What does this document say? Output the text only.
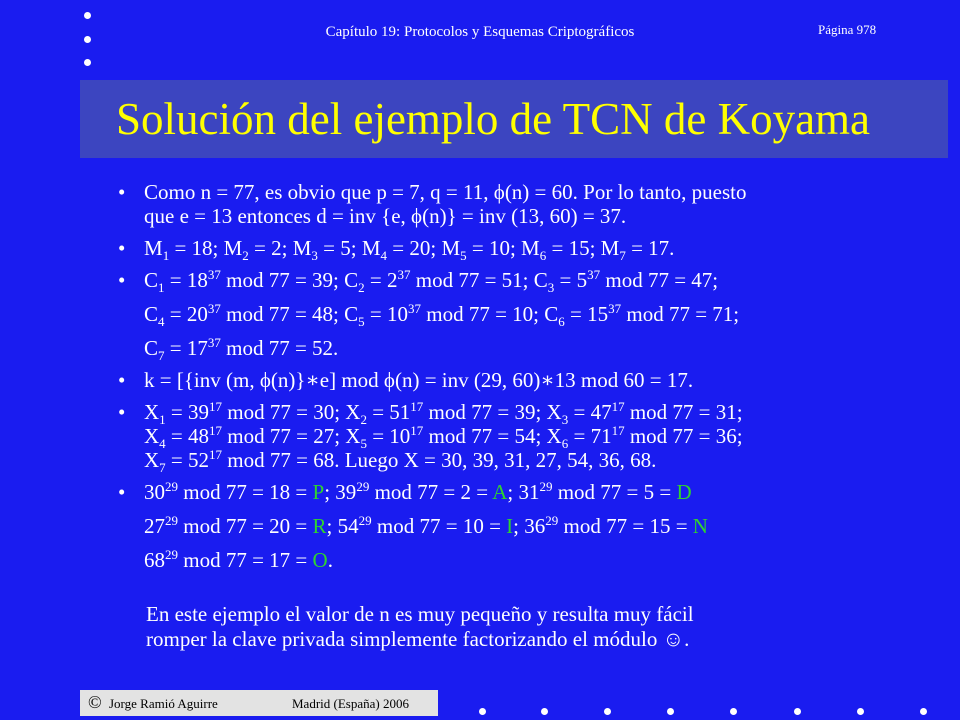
Capítulo 19: Protocolos y Esquemas Criptográficos	Página 978
Solución del ejemplo de TCN de Koyama
• Como n = 77, es obvio que p = 7, q = 11, ϕ(n) = 60. Por lo tanto, puesto
que e = 13 entonces d = inv {e, ϕ(n)} = inv (13, 60) = 37.
• $M_1 = 18$; $M_2 = 2$; $M_3 = 5$; $M_4 = 20$; $M_5 = 10$; $M_6 = 15$; $M_7 = 17$.
• $C_1 = 18^{37}$ mod 77 = 39; $C_2 = 2^{37}$ mod 77 = 51; $C_3 = 5^{37}$ mod 77 = 47;
$C_4 = 20^{37}$ mod 77 = 48; $C_5 = 10^{37}$ mod 77 = 10; $C_6 = 15^{37}$ mod 77 = 71;
$C_7 = 17^{37}$ mod 77 = 52.
• k = [{inv (m, ϕ(n)}∗e] mod ϕ(n) = inv (29, 60)∗13 mod 60 = 17.
• $X_1 = 39^{17}$ mod 77 = 30; $X_2 = 51^{17}$ mod 77 = 39; $X_3 = 47^{17}$ mod 77 = 31;
$X_4 = 48^{17}$ mod 77 = 27; $X_5 = 10^{17}$ mod 77 = 54; $X_6 = 71^{17}$ mod 77 = 36;
$X_7 = 52^{17}$ mod 77 = 68. Luego X = 30, 39, 31, 27, 54, 36, 68.
• $30^{29}$ mod 77 = 18 = P; $39^{29}$ mod 77 = 2 = A; $31^{29}$ mod 77 = 5 = D
$27^{29}$ mod 77 = 20 = R; $54^{29}$ mod 77 = 10 = I; $36^{29}$ mod 77 = 15 = N
$68^{29}$ mod 77 = 17 = O.
En este ejemplo el valor de n es muy pequeño y resulta muy fácil
romper la clave privada simplemente factorizando el módulo ☺.
© Jorge Ramió Aguirre	Madrid (España) 2006
